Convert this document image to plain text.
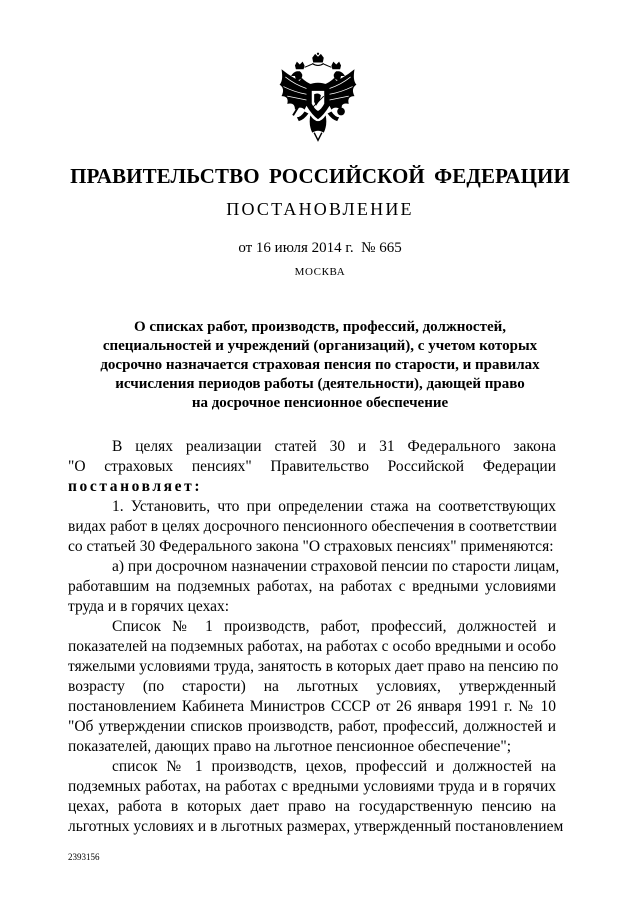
ПРАВИТЕЛЬСТВО РОССИЙСКОЙ ФЕДЕРАЦИИ
ПОСТАНОВЛЕНИЕ
от 16 июля 2014 г. № 665
МОСКВА
О списках работ, производств, профессий, должностей,
специальностей и учреждений (организаций), с учетом которых
досрочно назначается страховая пенсия по старости, и правилах
исчисления периодов работы (деятельности), дающей право
на досрочное пенсионное обеспечение
В целях реализации статей 30 и 31 Федерального закона
"О страховых пенсиях" Правительство Российской Федерации
постановляет:
1. Установить, что при определении стажа на соответствующих
видах работ в целях досрочного пенсионного обеспечения в соответствии
со статьей 30 Федерального закона "О страховых пенсиях" применяются:
а) при досрочном назначении страховой пенсии по старости лицам,
работавшим на подземных работах, на работах с вредными условиями
труда и в горячих цехах:
Список № 1 производств, работ, профессий, должностей и
показателей на подземных работах, на работах с особо вредными и особо
тяжелыми условиями труда, занятость в которых дает право на пенсию по
возрасту (по старости) на льготных условиях, утвержденный
постановлением Кабинета Министров СССР от 26 января 1991 г. № 10
"Об утверждении списков производств, работ, профессий, должностей и
показателей, дающих право на льготное пенсионное обеспечение";
список № 1 производств, цехов, профессий и должностей на
подземных работах, на работах с вредными условиями труда и в горячих
цехах, работа в которых дает право на государственную пенсию на
льготных условиях и в льготных размерах, утвержденный постановлением
2393156
